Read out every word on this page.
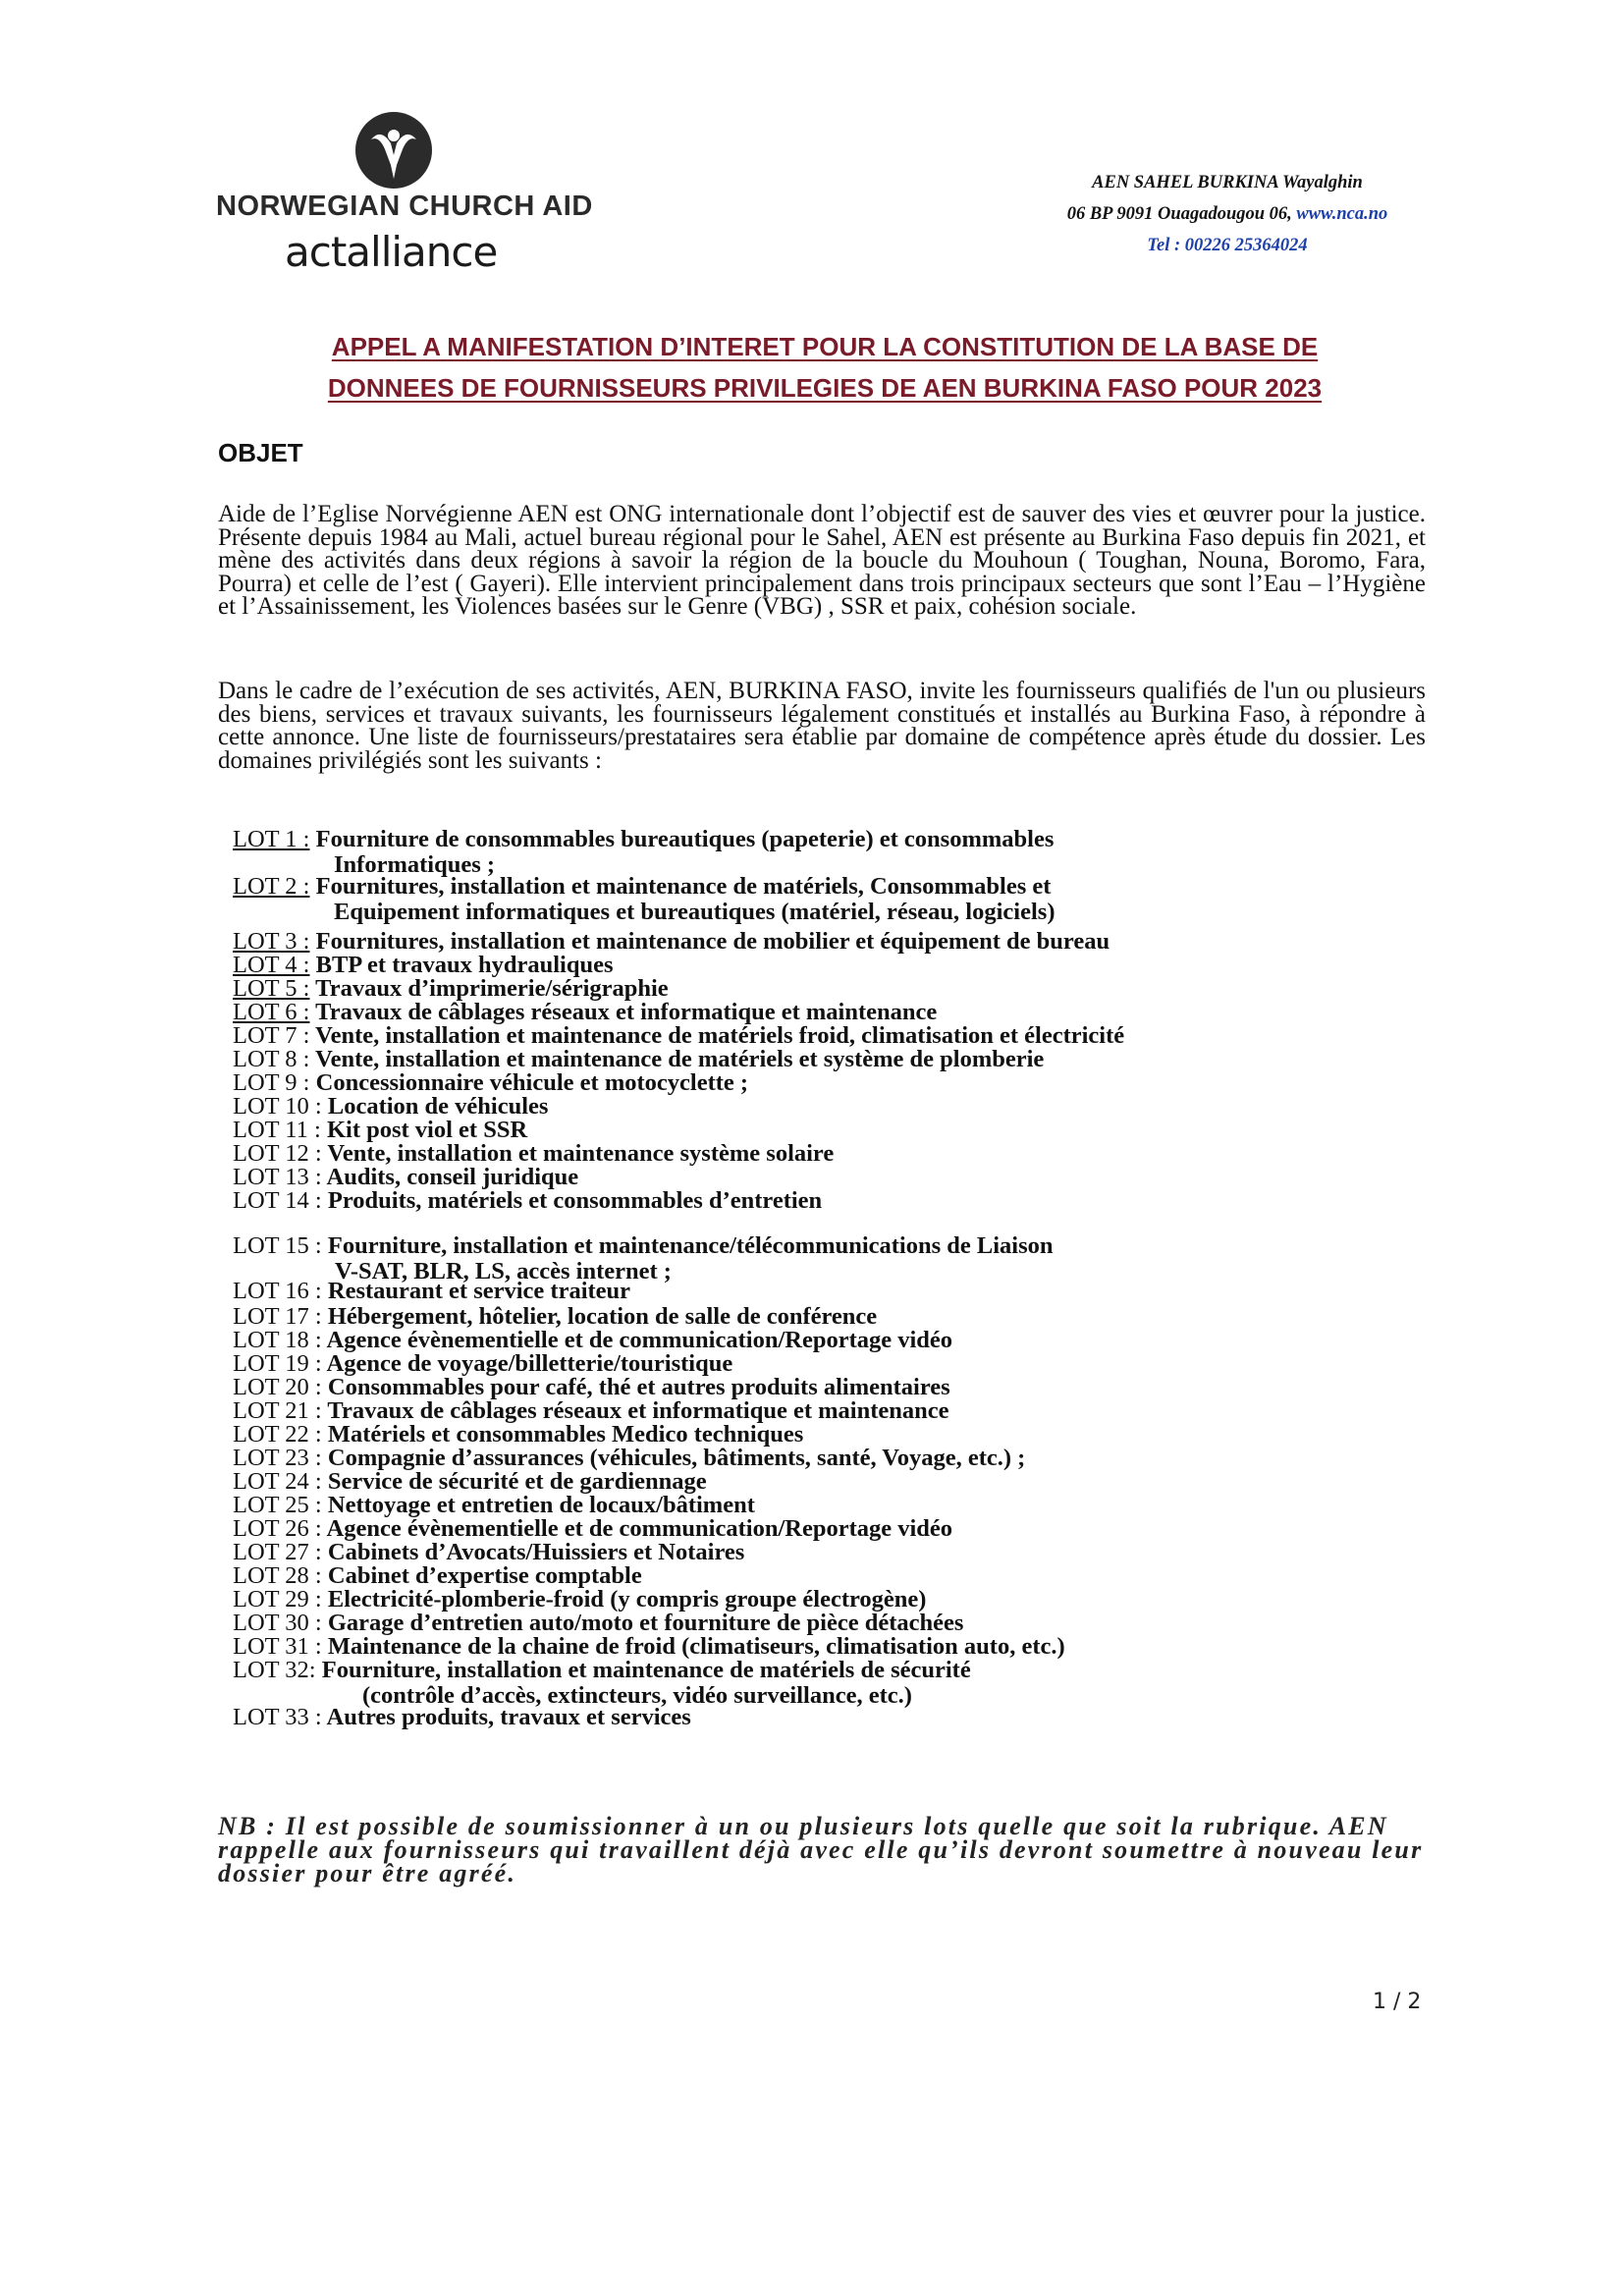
NORWEGIAN CHURCH AID
actalliance
AEN SAHEL BURKINA Wayalghin
06 BP 9091 Ouagadougou 06, www.nca.no
Tel : 00226 25364024
APPEL A MANIFESTATION D’INTERET POUR LA CONSTITUTION DE LA BASE DE
DONNEES DE FOURNISSEURS PRIVILEGIES DE AEN BURKINA FASO POUR 2023
OBJET

Aide de l’Eglise Norvégienne AEN est ONG internationale dont l’objectif est de sauver des vies et œuvrer pour la justice. Présente depuis 1984 au Mali, actuel bureau régional pour le Sahel, AEN est présente au Burkina Faso depuis fin 2021, et mène des activités dans deux régions à savoir la région de la boucle du Mouhoun ( Toughan, Nouna, Boromo, Fara, Pourra) et celle de l’est ( Gayeri). Elle intervient principalement dans trois principaux secteurs que sont l’Eau – l’Hygiène et l’Assainissement, les Violences basées sur le Genre (VBG) , SSR et paix, cohésion sociale.

Dans le cadre de l’exécution de ses activités, AEN, BURKINA FASO, invite les fournisseurs qualifiés de l'un ou plusieurs des biens, services et travaux suivants, les fournisseurs légalement constitués et installés au Burkina Faso, à répondre à cette annonce. Une liste de fournisseurs/prestataires sera établie par domaine de compétence après étude du dossier. Les domaines privilégiés sont les suivants :

LOT 1 : Fourniture de consommables bureautiques (papeterie) et consommables
Informatiques ;
LOT 2 : Fournitures, installation et maintenance de matériels, Consommables et
Equipement informatiques et bureautiques (matériel, réseau, logiciels)
LOT 3 : Fournitures, installation et maintenance de mobilier et équipement de bureau
LOT 4 : BTP et travaux hydrauliques
LOT 5 : Travaux d’imprimerie/sérigraphie
LOT 6 : Travaux de câblages réseaux et informatique et maintenance
LOT 7 : Vente, installation et maintenance de matériels froid, climatisation et électricité
LOT 8 : Vente, installation et maintenance de matériels et système de plomberie
LOT 9 : Concessionnaire véhicule et motocyclette ;
LOT 10 : Location de véhicules
LOT 11 : Kit post viol et SSR
LOT 12 : Vente, installation et maintenance système solaire
LOT 13 : Audits, conseil juridique
LOT 14 : Produits, matériels et consommables d’entretien
LOT 15 : Fourniture, installation et maintenance/télécommunications de Liaison
V-SAT, BLR, LS, accès internet ;
LOT 16 : Restaurant et service traiteur
LOT 17 : Hébergement, hôtelier, location de salle de conférence
LOT 18 : Agence évènementielle et de communication/Reportage vidéo
LOT 19 : Agence de voyage/billetterie/touristique
LOT 20 : Consommables pour café, thé et autres produits alimentaires
LOT 21 : Travaux de câblages réseaux et informatique et maintenance
LOT 22 : Matériels et consommables Medico techniques
LOT 23 : Compagnie d’assurances (véhicules, bâtiments, santé, Voyage, etc.) ;
LOT 24 : Service de sécurité et de gardiennage
LOT 25 : Nettoyage et entretien de locaux/bâtiment
LOT 26 : Agence évènementielle et de communication/Reportage vidéo
LOT 27 : Cabinets d’Avocats/Huissiers et Notaires
LOT 28 : Cabinet d’expertise comptable
LOT 29 : Electricité-plomberie-froid (y compris groupe électrogène)
LOT 30 : Garage d’entretien auto/moto et fourniture de pièce détachées
LOT 31 : Maintenance de la chaine de froid (climatiseurs, climatisation auto, etc.)
LOT 32: Fourniture, installation et maintenance de matériels de sécurité
(contrôle d’accès, extincteurs, vidéo surveillance, etc.)
LOT 33 : Autres produits, travaux et services

NB : Il est possible de soumissionner à un ou plusieurs lots quelle que soit la rubrique. AEN rappelle aux fournisseurs qui travaillent déjà avec elle qu’ils devront soumettre à nouveau leur dossier pour être agréé.

1 / 2
